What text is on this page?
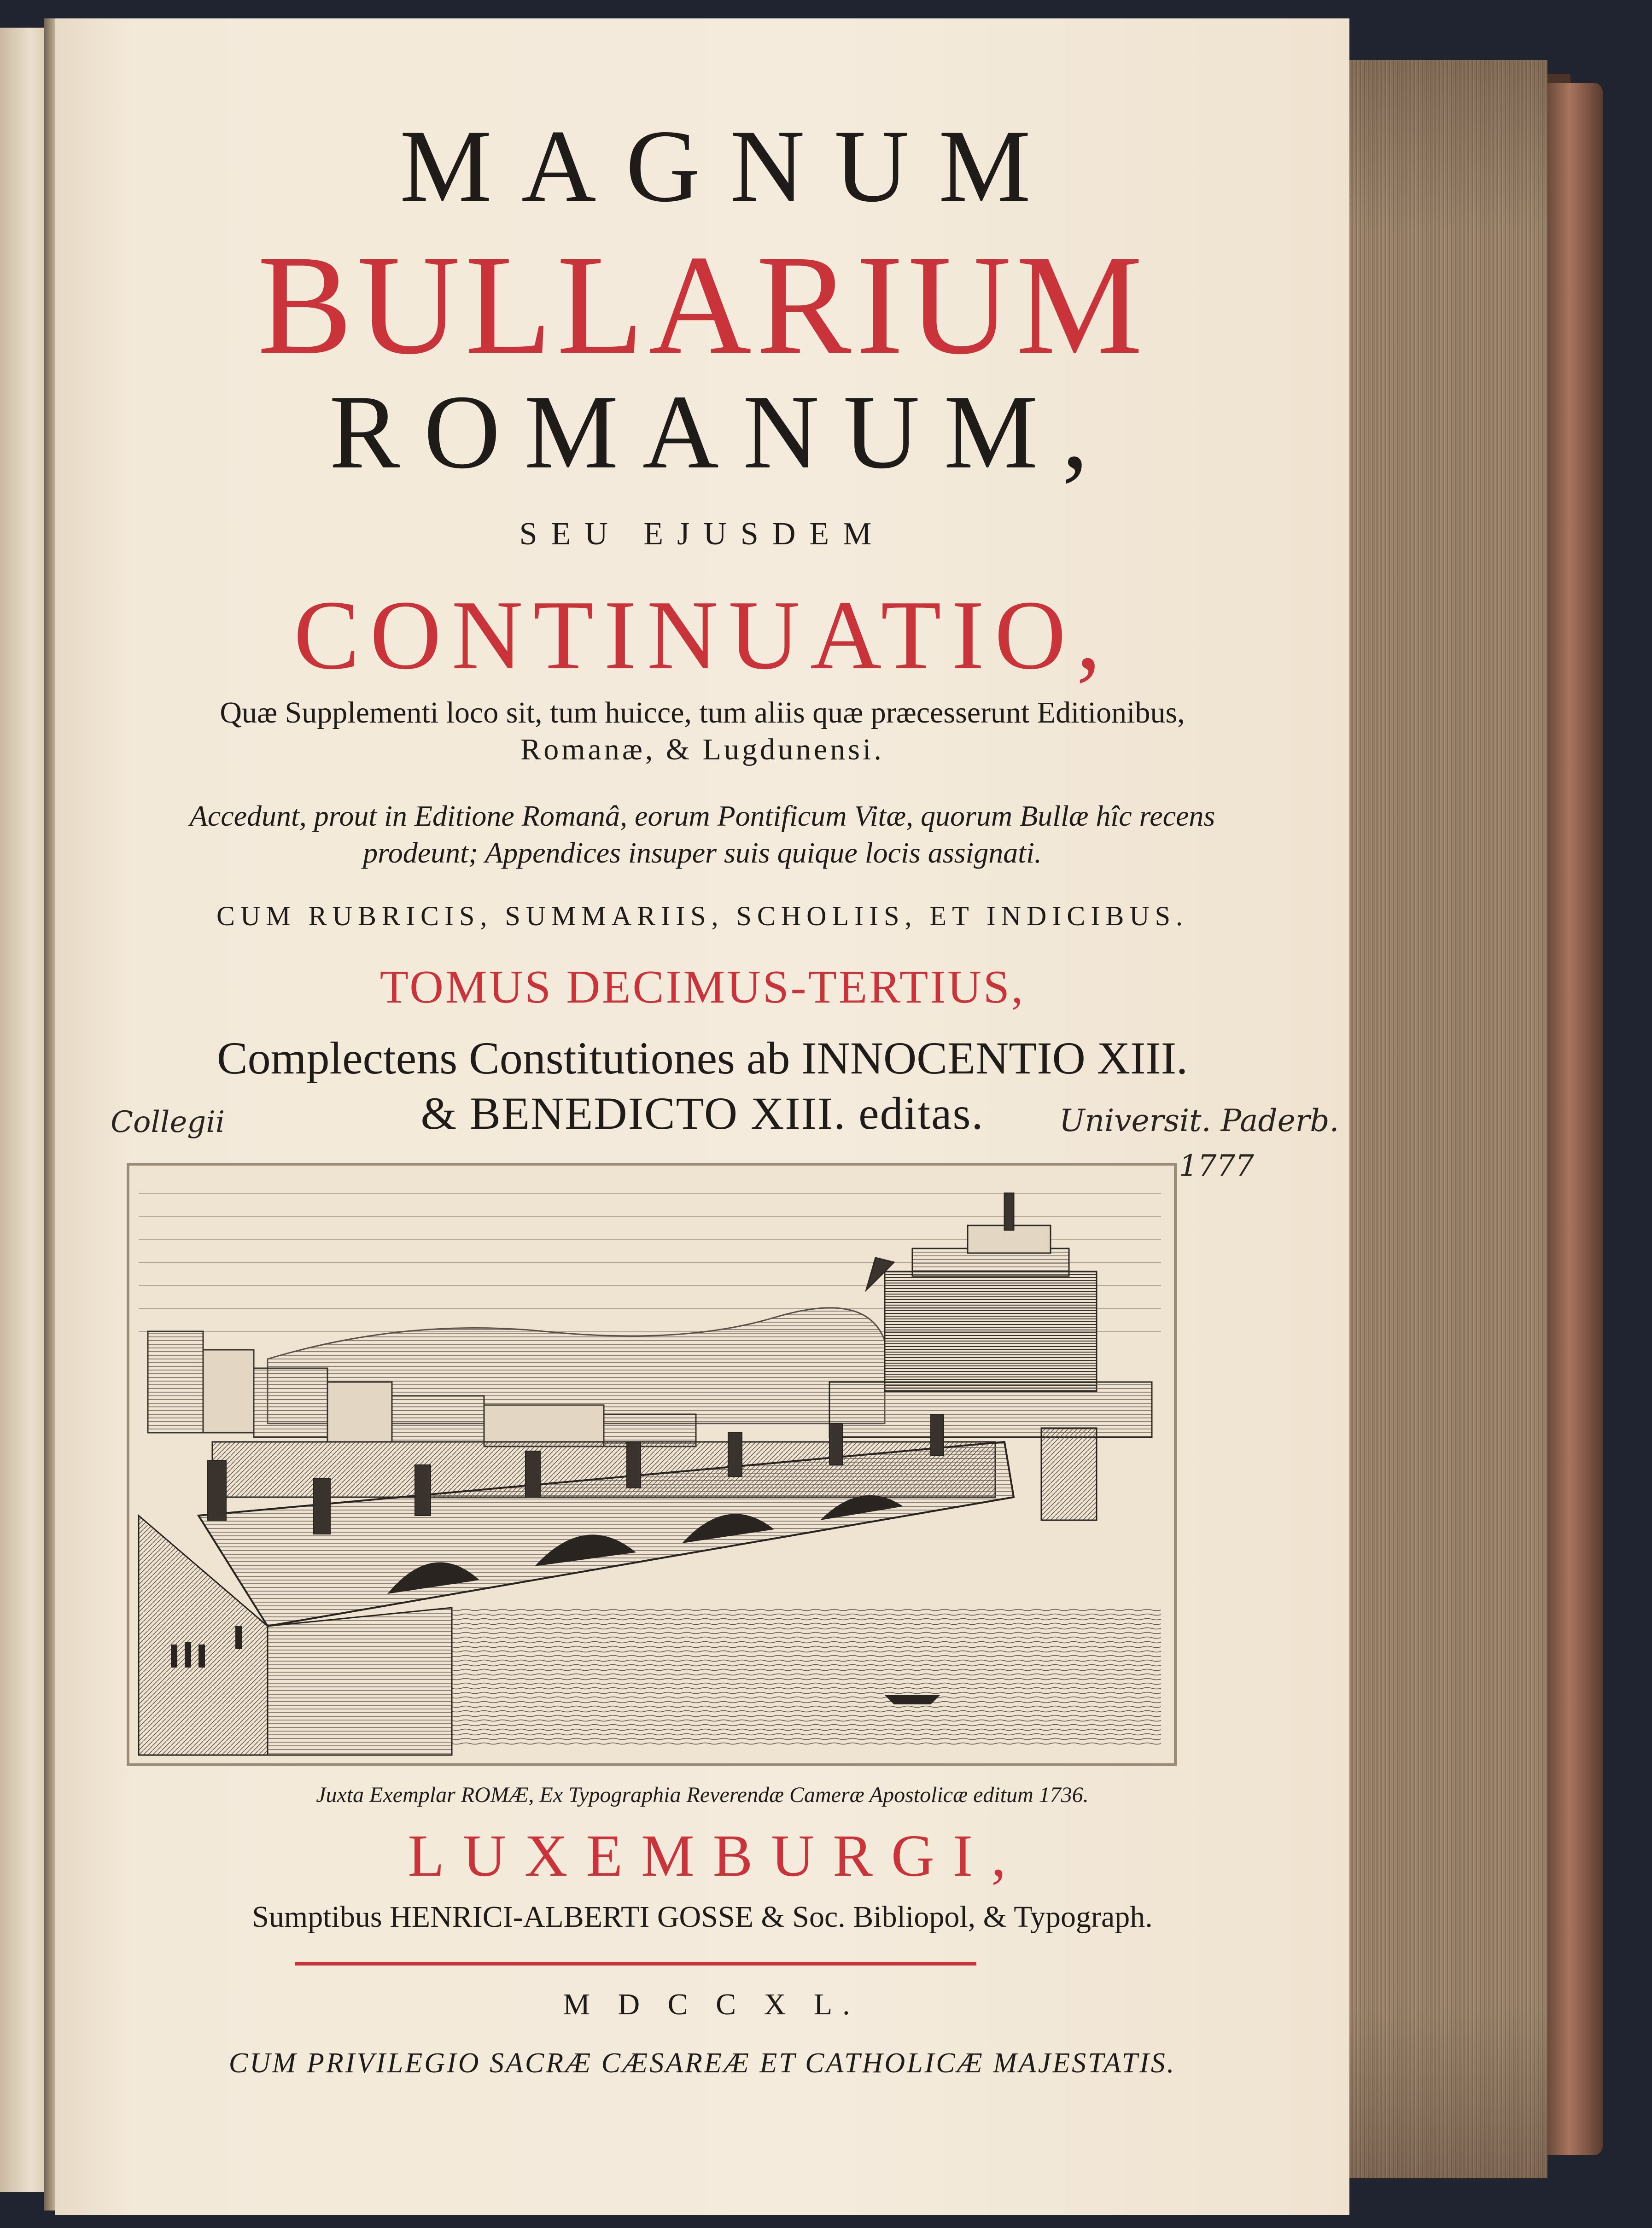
MAGNUM
BULLARIUM
ROMANUM,
SEU EJUSDEM
CONTINUATIO,
Quæ Supplementi loco sit, tum huicce, tum aliis quæ præcesserunt Editionibus,
Romanæ, & Lugdunensi.
Accedunt, prout in Editione Romanâ, eorum Pontificum Vitæ, quorum Bullæ hîc recens
prodeunt; Appendices insuper suis quique locis assignati.
CUM RUBRICIS, SUMMARIIS, SCHOLIIS, ET INDICIBUS.
TOMUS DECIMUS-TERTIUS,
Complectens Constitutiones ab INNOCENTIO XIII.
& BENEDICTO XIII. editas.
Collegii	Universit. Paderb.
1777
Juxta Exemplar ROMÆ, Ex Typographia Reverendæ Cameræ Apostolicæ editum 1736.
LUXEMBURGI,
Sumptibus HENRICI-ALBERTI GOSSE & Soc. Bibliopol, & Typograph.
M D C C X L.
CUM PRIVILEGIO SACRÆ CÆSAREÆ ET CATHOLICÆ MAJESTATIS.
